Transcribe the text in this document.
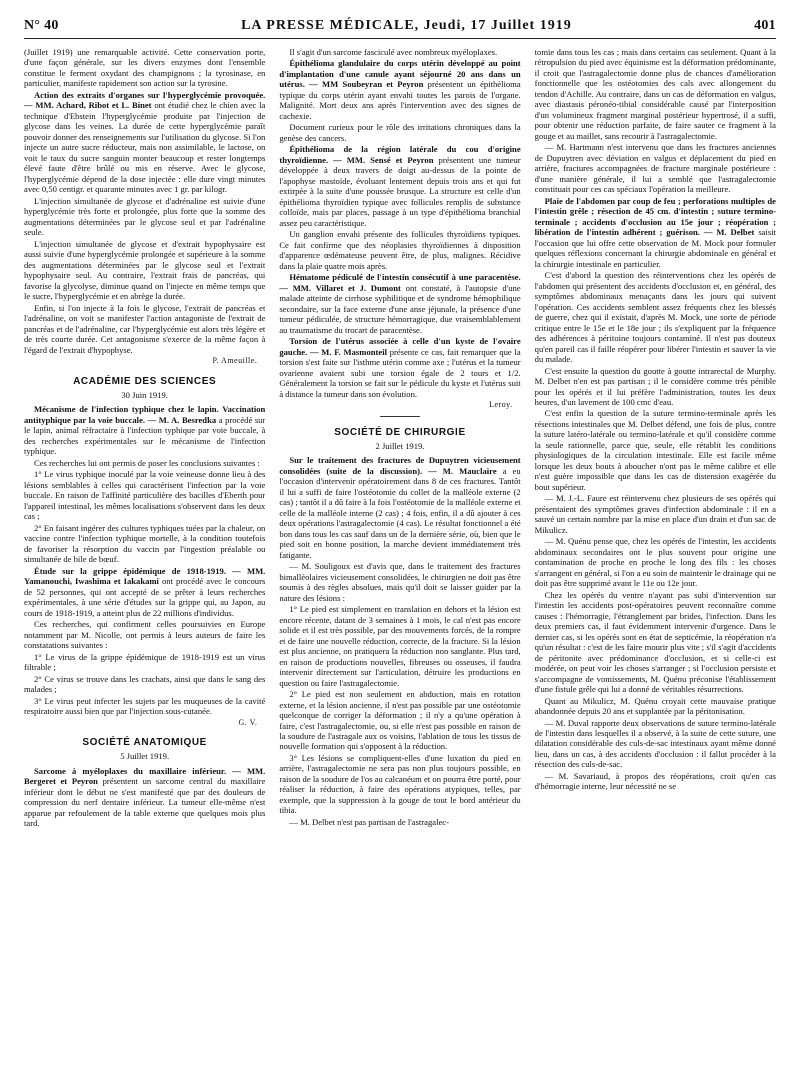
N° 40	LA PRESSE MÉDICALE, Jeudi, 17 Juillet 1919	401

(Juillet 1919) une remarquable activité. Cette conservation porte, d'une façon générale, sur les divers enzymes dont l'ensemble constitue le ferment oxydant des champignons ; la tyrosinase, en particulier, manifeste rapidement son action sur la tyrosine.

Action des extraits d'organes sur l'hyperglycémie provoquée. — MM. Achard, Ribot et L. Binet ont étudié chez le chien avec la technique d'Ebstein l'hyperglycémie produite par l'injection de glycose dans les veines. La durée de cette hyperglycémie paraît pouvoir donner des renseignements sur l'utilisation du glycose. Si l'on injecte un autre sucre réducteur, mais non assimilable, le lactose, on voit le taux du sucre sanguin monter beaucoup et rester longtemps élevé faute d'être brûlé ou mis en réserve. Avec le glycose, l'hyperglycémie dépend de la dose injectée : elle dure vingt minutes avec 0,50 centigr. et quarante minutes avec 1 gr. par kilogr.

L'injection simultanée de glycose et d'adrénaline est suivie d'une hyperglycémie très forte et prolongée, plus forte que la somme des augmentations déterminées par le glycose seul et par l'adrénaline seule.

L'injection simultanée de glycose et d'extrait hypophysaire est aussi suivie d'une hyperglycémie prolongée et supérieure à la somme des augmentations déterminées par le glycose seul et l'extrait hypophysaire seul. Au contraire, l'extrait frais de pancréas, qui favorise la glycolyse, diminue quand on l'injecte en même temps que le sucre, l'hyperglycémie et en abrège la durée.

Enfin, si l'on injecte à la fois le glycose, l'extrait de pancréas et l'adrénaline, on voit se manifester l'action antagoniste de l'extrait de pancréas et de l'adrénaline, car l'hyperglycémie est alors très légère et de très courte durée. Cet antagonisme s'exerce de la même façon à l'égard de l'extrait d'hypophyse.

P. Ameuille.
ACADÉMIE DES SCIENCES
30 Juin 1919.

Mécanisme de l'infection typhique chez le lapin. Vaccination antityphique par la voie buccale. — M. A. Besredka a procédé sur le lapin, animal réfractaire à l'infection typhique par voie buccale, à des recherches expérimentales sur le mécanisme de l'infection typhique.

Ces recherches lui ont permis de poser les conclusions suivantes :

1° Le virus typhique inoculé par la voie veineuse donne lieu à des lésions semblables à celles qui caractérisent l'infection par la voie buccale. En raison de l'affinité particulière des bacilles d'Eberth pour l'appareil intestinal, les mêmes localisations s'observent dans les deux cas ;

2° En faisant ingérer des cultures typhiques tuées par la chaleur, on vaccine contre l'infection typhique mortelle, à la condition toutefois de favoriser la résorption du vaccin par l'ingestion préalable ou simultanée de bile de bœuf.

Étude sur la grippe épidémique de 1918-1919. — MM. Yamanouchi, Iwashima et Iakakami ont procédé avec le concours de 52 personnes, qui ont accepté de se prêter à leurs recherches expérimentales, à une série d'études sur la grippe qui, au Japon, au cours de 1918-1919, a atteint plus de 22 millions d'individus.

Ces recherches, qui confirment celles poursuivies en Europe notamment par M. Nicolle, ont permis à leurs auteurs de faire les constatations suivantes :

1° Le virus de la grippe épidémique de 1918-1919 est un virus filtrable ;

2° Ce virus se trouve dans les crachats, ainsi que dans le sang des malades ;

3° Le virus peut infecter les sujets par les muqueuses de la cavité respiratoire aussi bien que par l'injection sous-cutanée.

G. V.
SOCIÉTÉ ANATOMIQUE
5 Juillet 1919.

Sarcome à myéloplaxes du maxillaire inférieur. — MM. Bergeret et Peyron présentent un sarcome central du maxillaire inférieur dont le début ne s'est manifesté que par des douleurs de compression du nerf dentaire inférieur. La tumeur elle-même n'est apparue par refoulement de la table externe que quelques mois plus tard.

Il s'agit d'un sarcome fasciculé avec nombreux myéloplaxes.

Épithélioma glandulaire du corps utérin développé au point d'implantation d'une canule ayant séjourné 20 ans dans un utérus. — MM Soubeyran et Peyron présentent un épithélioma typique du corps utérin ayant envahi toutes les parois de l'organe. Malignité. Mort deux ans après l'intervention avec des signes de cachexie.

Document curieux pour le rôle des irritations chroniques dans la genèse des cancers.

Épithélioma de la région latérale du cou d'origine thyroïdienne. — MM. Sensé et Peyron présentent une tumeur développée à deux travers de doigt au-dessus de la pointe de l'apophyse mastoïde, évoluant lentement depuis trois ans et qui fut extirpée à la suite d'une poussée brusque. La structure est celle d'un épithélioma thyroïdien typique avec follicules remplis de substance colloïde, mais par places, passage à un type d'épithélioma branchial assez peu caractéristique.

Un ganglion envahi présente des follicules thyroïdiens typiques. Ce fait confirme que des néoplasies thyroïdiennes à disposition d'apparence œdémateuse peuvent être, de plus, malignes. Récidive dans la plaie quatre mois après.

Hématome pédiculé de l'intestin consécutif à une paracentèse. — MM. Villaret et J. Dumont ont constaté, à l'autopsie d'une malade atteinte de cirrhose syphilitique et de syndrome hémophilique secondaire, sur la face externe d'une anse jéjunale, la présence d'une tumeur pédiculée, de structure hémorragique, due vraisemblablement au traumatisme du trocart de paracentèse.

Torsion de l'utérus associée à celle d'un kyste de l'ovaire gauche. — M. F. Masmonteil présente ce cas, fait remarquer que la torsion s'est faite sur l'isthme utérin comme axe ; l'utérus et la tumeur ovarienne avaient subi une torsion égale de 2 tours et 1/2. Généralement la torsion se fait sur le pédicule du kyste et l'utérus suit à distance la tumeur dans son évolution.

Leroy.
SOCIÉTÉ DE CHIRURGIE
2 Juillet 1919.

Sur le traitement des fractures de Dupuytren vicieusement consolidées (suite de la discussion). — M. Mauclaire a eu l'occasion d'intervenir opératoirement dans 8 de ces fractures. Tantôt il lui a suffi de faire l'ostéotomie du collet de la malléole externe (2 cas) ; tantôt il a dû faire à la fois l'ostéotomie de la malléole externe et celle de la malléole interne (2 cas) ; 4 fois, enfin, il a dû ajouter à ces deux opérations l'astragalectomie (4 cas). Le résultat fonctionnel a été bon dans tous les cas sauf dans un de la dernière série, où, bien que le pied soit en bonne position, la marche devient immédiatement très fatigante.

— M. Souligoux est d'avis que, dans le traitement des fractures bimalléolaires vicieusement consolidées, le chirurgien ne doit pas être soumis à des règles absolues, mais qu'il doit se laisser guider par la nature des lésions :

1° Le pied est simplement en translation en dehors et la lésion est encore récente, datant de 3 semaines à 1 mois, le cal n'est pas encore solide et il est très possible, par des mouvements forcés, de la rompre et de faire une nouvelle réduction, correcte, de la fracture. Si la lésion est plus ancienne, on pratiquera la réduction non sanglante. Plus tard, en raison de productions nouvelles, fibreuses ou osseuses, il faudra intervenir directement sur l'articulation, détruire les productions en question ou faire l'astragalectomie.

2° Le pied est non seulement en abduction, mais en rotation externe, et la lésion ancienne, il n'est pas possible par une ostéotomie quelconque de corriger la déformation ; il n'y a qu'une opération à faire, c'est l'astragalectomie, ou, si elle n'est pas possible en raison de la soudure de l'astragale aux os voisins, l'ablation de tous les tissus de nouvelle formation qui s'opposent à la réduction.

3° Les lésions se compliquent-elles d'une luxation du pied en arrière, l'astragalectomie ne sera pas non plus toujours possible, en raison de la soudure de l'os au calcanéum et on pourra être porté, pour réaliser la réduction, à faire des opérations atypiques, telles, par exemple, que la suppression à la gouge de tout le bord antérieur du tibia.

— M. Delbet n'est pas partisan de l'astragalec-

tomie dans tous les cas ; mais dans certains cas seulement. Quant à la rétropulsion du pied avec équinisme est la déformation prédominante, il croit que l'astragalectomie donne plus de chances d'amélioration fonctionnelle que les ostéotomies des cals avec allongement du tendon d'Achille. Au contraire, dans un cas de déformation en valgus, avec diastasis péronéo-tibial considérable causé par l'interposition d'un volumineux fragment marginal postérieur hypertrosé, il a suffi, pour obtenir une réduction parfaite, de faire sauter ce fragment à la gouge et au maillet, sans recourir à l'astragalectomie.

— M. Hartmann n'est intervenu que dans les fractures anciennes de Dupuytren avec déviation en valgus et déplacement du pied en arrière, fractures accompagnées de fracture marginale postérieure : d'une manière générale, il lui a semblé que l'astragalectomie constituait pour ces cas spéciaux l'opération la meilleure.

Plaie de l'abdomen par coup de feu ; perforations multiples de l'intestin grêle ; résection de 45 cm. d'intestin ; suture termino-terminale ; accidents d'occlusion au 15e jour ; réopération ; libération de l'intestin adhérent ; guérison. — M. Delbet saisit l'occasion que lui offre cette observation de M. Mock pour formuler quelques réflexions concernant la chirurgie abdominale en général et la chirurgie intestinale en particulier.

C'est d'abord la question des réinterventions chez les opérés de l'abdomen qui présentent des accidents d'occlusion et, en général, des symptômes abdominaux menaçants dans les jours qui suivent l'opération. Ces accidents semblent assez fréquents chez les blessés de guerre, chez qui il existait, d'après M. Mock, une sorte de période critique entre le 15e et le 18e jour ; ils s'expliquent par la fréquence des adhérences à péritoine toujours contaminé. Il n'est pas douteux qu'en pareil cas il faille réopérer pour libérer l'intestin et sauver la vie du malade.

C'est ensuite la question du goutte à goutte intrarectal de Murphy. M. Delbet n'en est pas partisan ; il le considère comme très pénible pour les opérés et il lui préfère l'administration, toutes les deux heures, d'un lavement de 100 cmc d'eau.

C'est enfin la question de la suture termino-terminale après les résections intestinales que M. Delbet défend, une fois de plus, contre la suture latéro-latérale ou termino-latérale et qu'il considère comme la seule rationnelle, parce que, seule, elle rétablit les conditions physiologiques de la circulation intestinale. Elle est facile même lorsque les deux bouts à aboucher n'ont pas le même calibre et elle n'est guère impossible que dans les cas de distension exagérée du bout supérieur.

— M. J.-L. Faure est réintervenu chez plusieurs de ses opérés qui présentaient des symptômes graves d'infection abdominale : il en a sauvé un certain nombre par la mise en place d'un drain et d'un sac de Mikulicz.

— M. Quénu pense que, chez les opérés de l'intestin, les accidents abdominaux secondaires ont le plus souvent pour origine une contamination de proche en proche le long des fils : les choses s'arrangent en général, si l'on a eu soin de maintenir le drainage qui ne doit pas être supprimé avant le 11e ou 12e jour.

Chez les opérés du ventre n'ayant pas subi d'intervention sur l'intestin les accidents post-opératoires peuvent reconnaître comme causes : l'hémorragie, l'étranglement par brides, l'infection. Dans les deux premiers cas, il faut évidemment intervenir d'urgence. Dans le dernier cas, si les opérés sont en état de septicémie, la réopération n'a qu'un résultat : c'est de les faire mourir plus vite ; s'il s'agit d'accidents de péritonite avec prédominance d'occlusion, et si celle-ci est modérée, on peut voir les choses s'arranger ; si l'occlusion persiste et s'accompagne de vomissements, M. Quénu préconise l'établissement d'une fistule grêle qui lui a donné de véritables résurrections.

Quant au Mikulicz, M. Quénu croyait cette mauvaise pratique abandonnée depuis 20 ans et supplantée par la péritonisation.

— M. Duval rapporte deux observations de suture termino-latérale de l'intestin dans lesquelles il a observé, à la suite de cette suture, une dilatation considérable des culs-de-sac intestinaux ayant même donné lieu, dans un cas, à des accidents d'occlusion : il fallut procéder à la résection des culs-de-sac.

— M. Savariaud, à propos des réopérations, croit qu'en cas d'hémorragie interne, leur nécessité ne se
